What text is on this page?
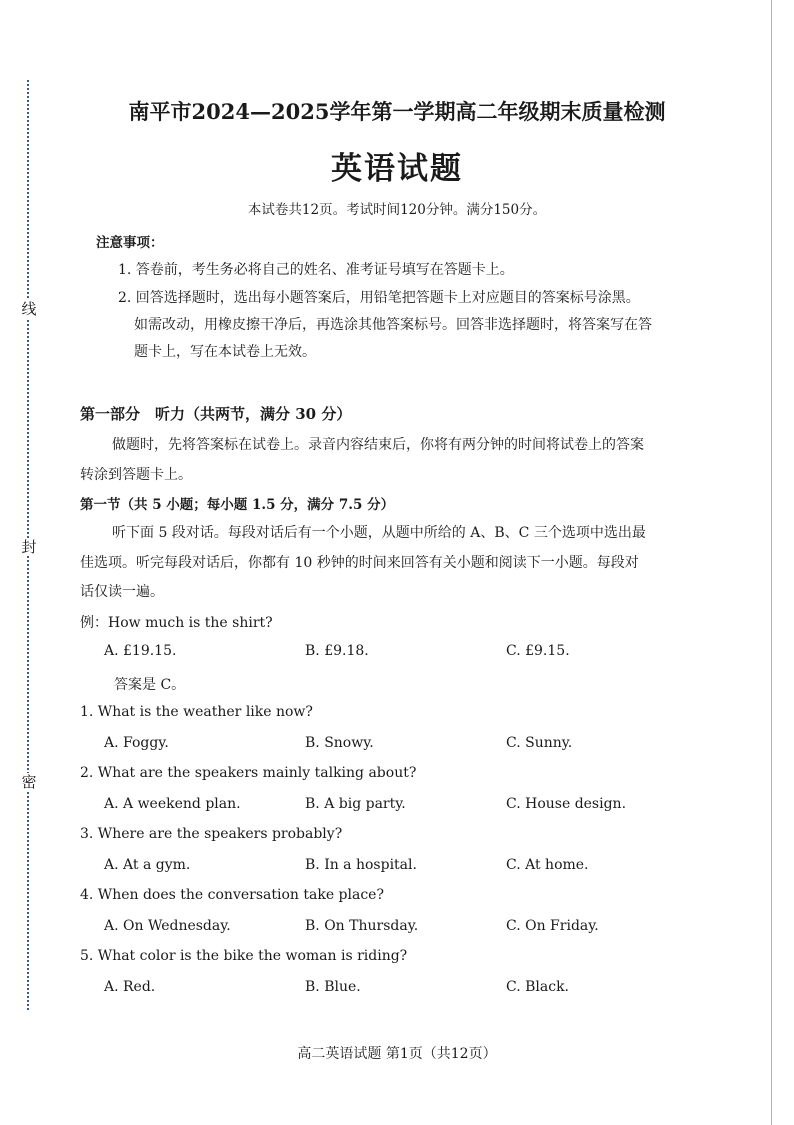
线
封
密
南平市2024—2025学年第一学期高二年级期末质量检测
英语试题
本试卷共12页。考试时间120分钟。满分150分。
注意事项：
1. 答卷前，考生务必将自己的姓名、准考证号填写在答题卡上。
2. 回答选择题时，选出每小题答案后，用铅笔把答题卡上对应题目的答案标号涂黑。
如需改动，用橡皮擦干净后，再选涂其他答案标号。回答非选择题时，将答案写在答
题卡上，写在本试卷上无效。
第一部分　听力（共两节，满分 30 分）
做题时，先将答案标在试卷上。录音内容结束后，你将有两分钟的时间将试卷上的答案
转涂到答题卡上。
第一节（共 5 小题；每小题 1.5 分，满分 7.5 分）
听下面 5 段对话。每段对话后有一个小题，从题中所给的 A、B、C 三个选项中选出最
佳选项。听完每段对话后，你都有 10 秒钟的时间来回答有关小题和阅读下一小题。每段对
话仅读一遍。
例：How much is the shirt?
A. £19.15.	B. £9.18.	C. £9.15.
答案是 C。
1. What is the weather like now?
A. Foggy.	B. Snowy.	C. Sunny.
2. What are the speakers mainly talking about?
A. A weekend plan.	B. A big party.	C. House design.
3. Where are the speakers probably?
A. At a gym.	B. In a hospital.	C. At home.
4. When does the conversation take place?
A. On Wednesday.	B. On Thursday.	C. On Friday.
5. What color is the bike the woman is riding?
A. Red.	B. Blue.	C. Black.
高二英语试题 第1页（共12页）
